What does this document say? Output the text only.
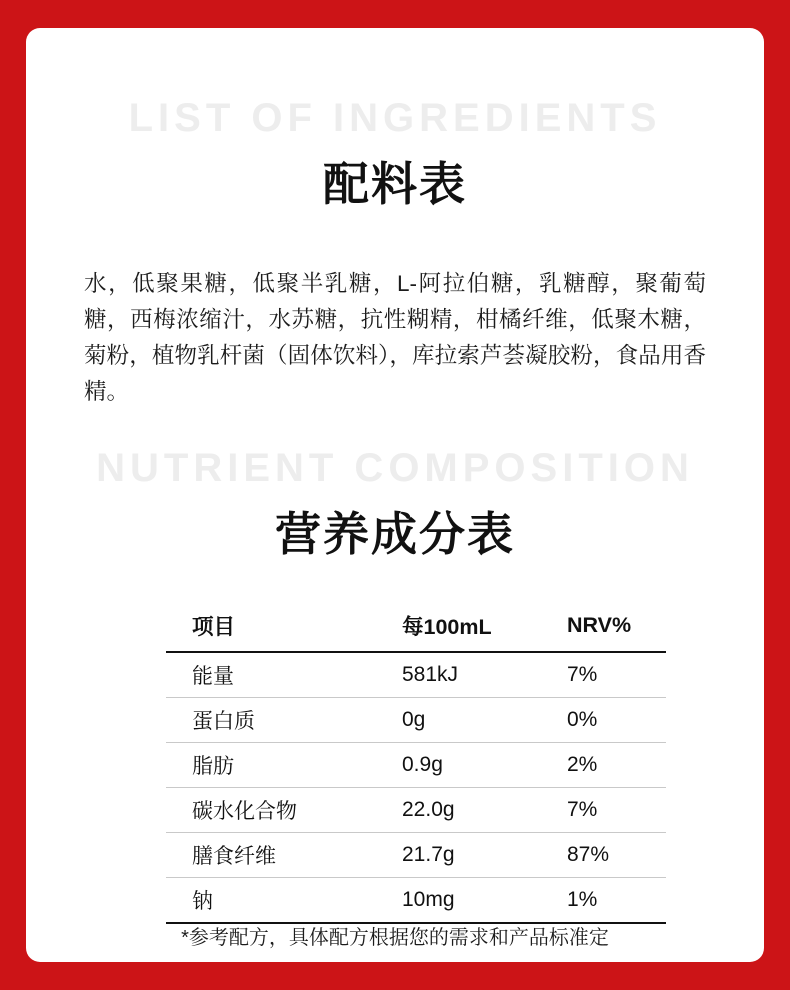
LIST OF INGREDIENTS
配料表
水，低聚果糖，低聚半乳糖，L-阿拉伯糖，乳糖醇，聚葡萄糖，西梅浓缩汁，水苏糖，抗性糊精，柑橘纤维，低聚木糖，菊粉，植物乳杆菌（固体饮料），库拉索芦荟凝胶粉，食品用香精。
NUTRIENT COMPOSITION
营养成分表
项目	每100mL	NRV%
能量	581kJ	7%
蛋白质	0g	0%
脂肪	0.9g	2%
碳水化合物	22.0g	7%
膳食纤维	21.7g	87%
钠	10mg	1%
*参考配方，具体配方根据您的需求和产品标准定
